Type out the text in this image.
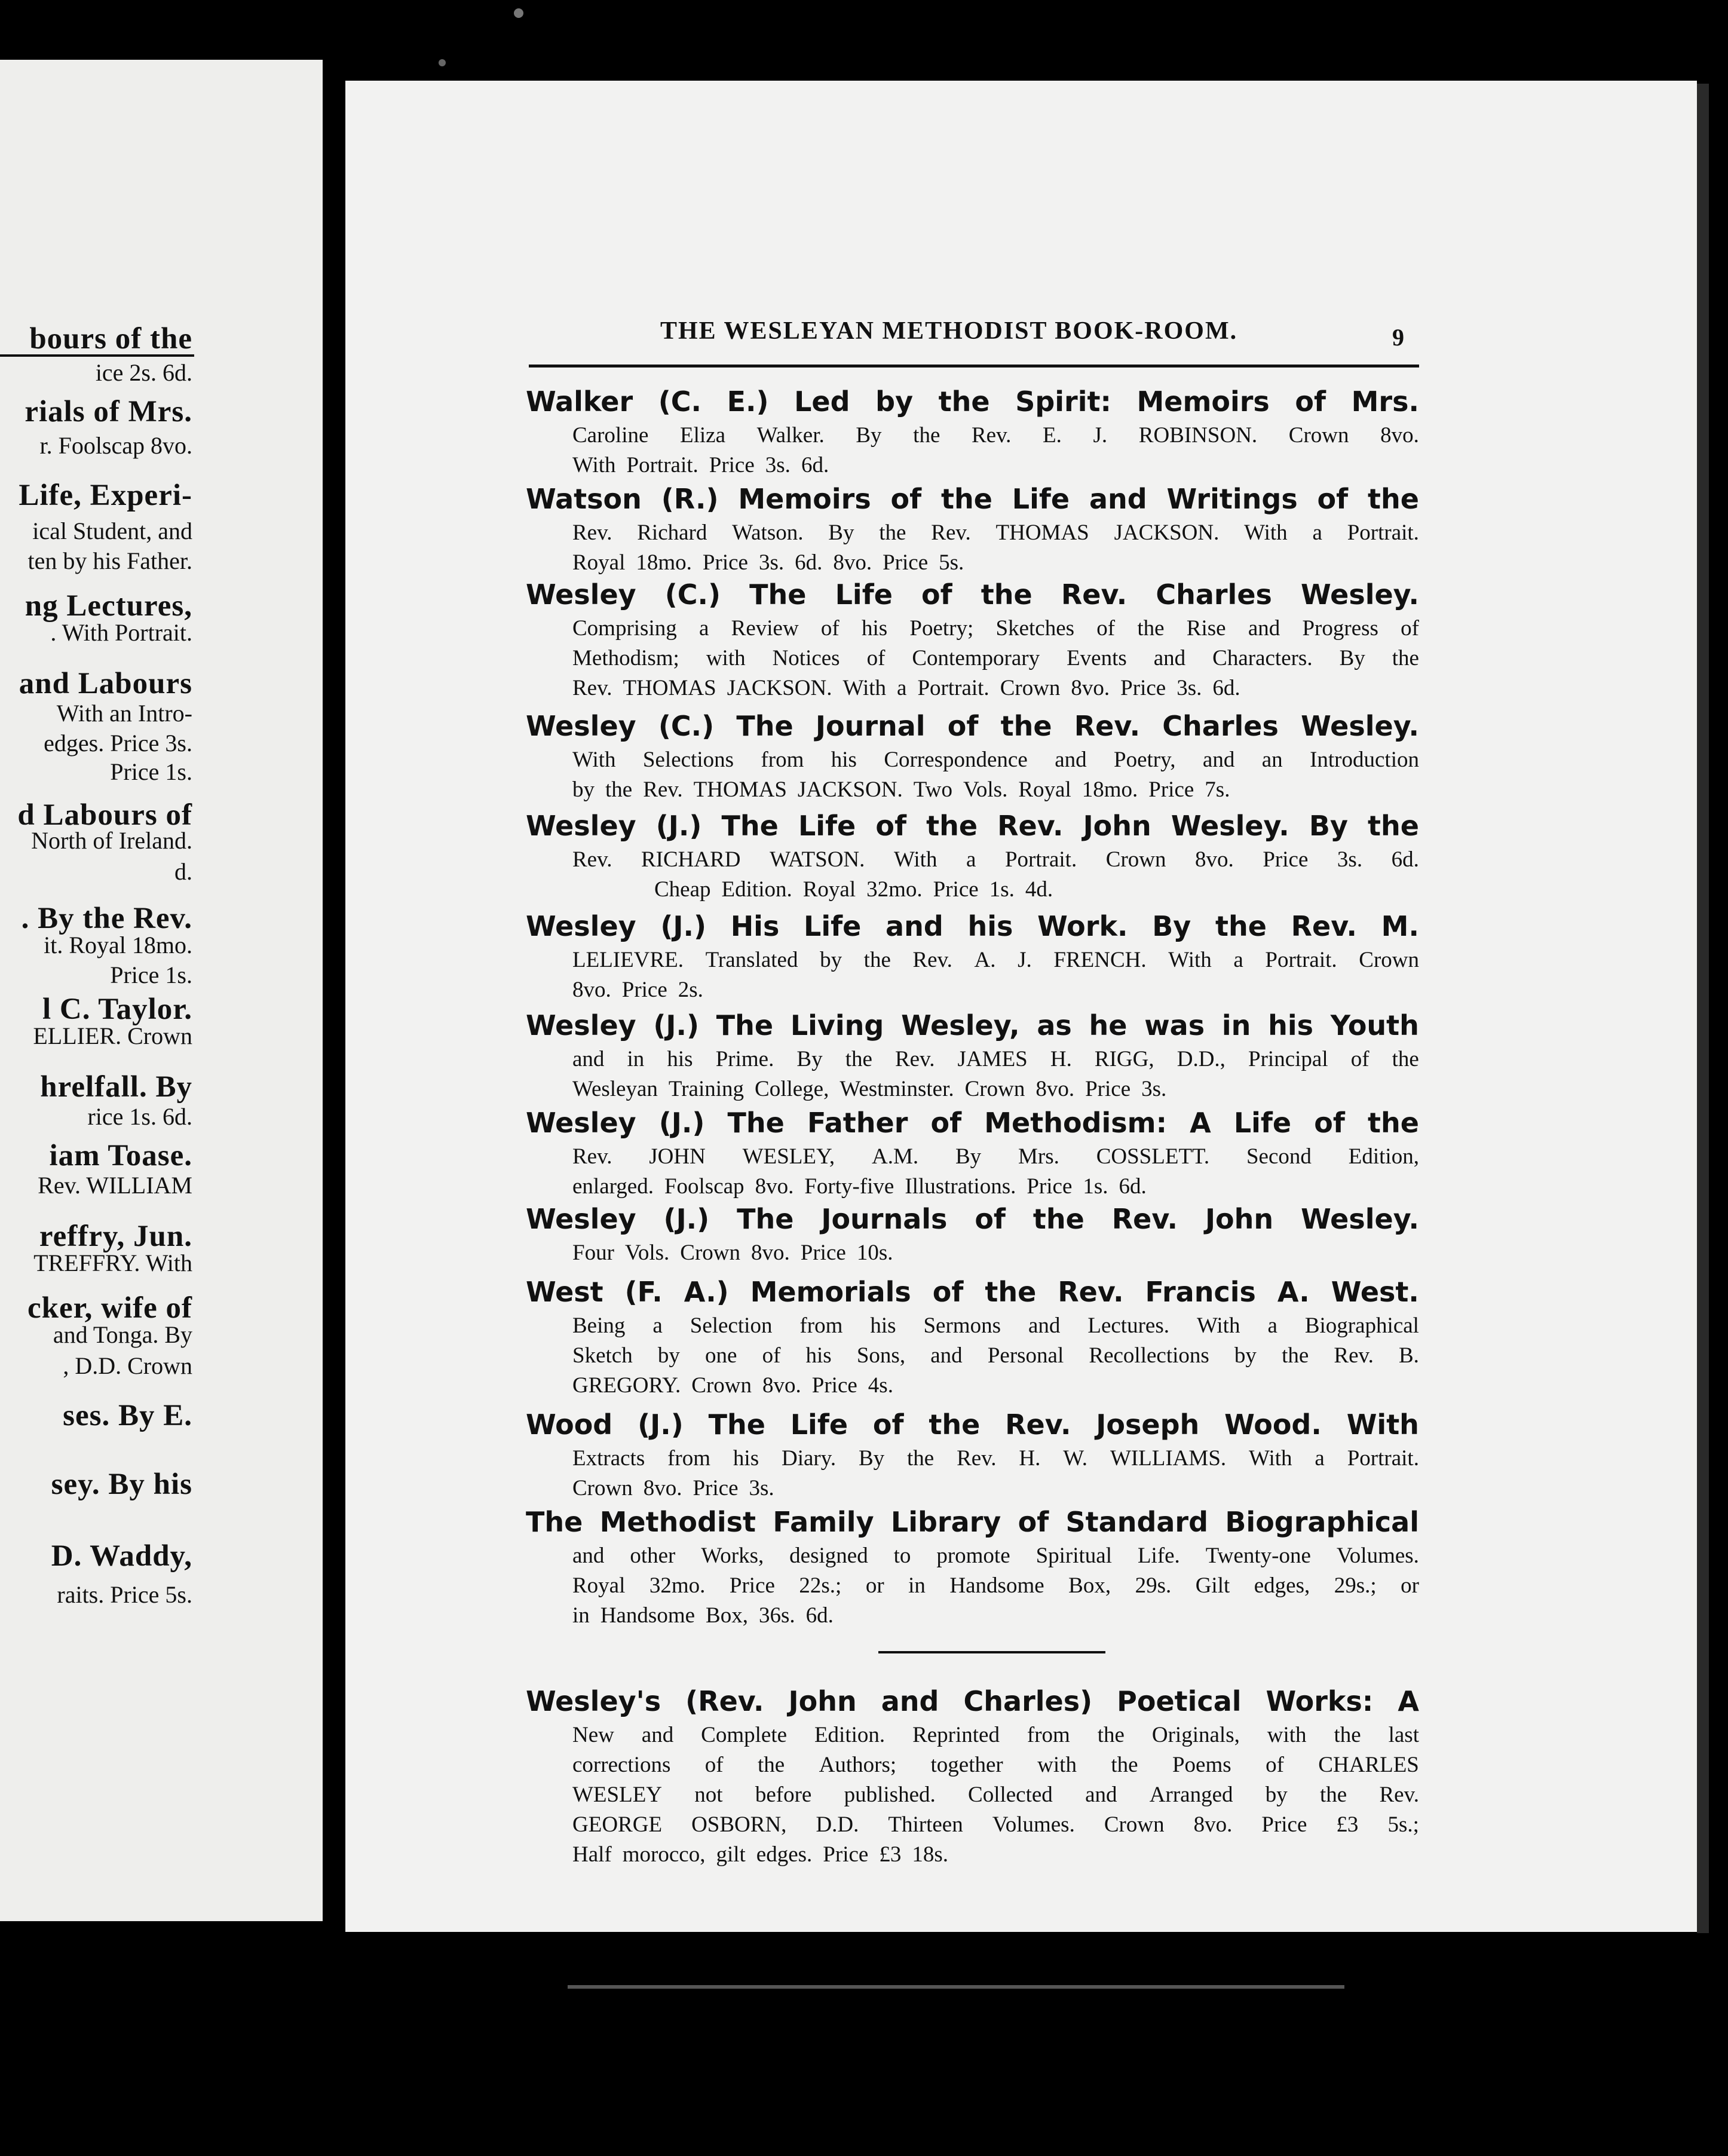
bours of the
ice 2s. 6d.
rials of Mrs.
r. Foolscap 8vo.
Life, Experi-
ical Student, and
ten by his Father.
ng Lectures,
. With Portrait.
and Labours
With an Intro-
edges. Price 3s.
Price 1s.
d Labours of
North of Ireland.
d.
. By the Rev.
it. Royal 18mo.
Price 1s.
l C. Taylor.
ELLIER. Crown
hrelfall. By
rice 1s. 6d.
iam Toase.
Rev. WILLIAM
reffry, Jun.
TREFFRY. With
cker, wife of
and Tonga. By
, D.D. Crown
ses. By E.
sey. By his
D. Waddy,
raits. Price 5s.
THE WESLEYAN METHODIST BOOK-ROOM.	9
Walker (C. E.) Led by the Spirit: Memoirs of Mrs.
Caroline Eliza Walker. By the Rev. E. J. ROBINSON. Crown 8vo.
With Portrait. Price 3s. 6d.
Watson (R.) Memoirs of the Life and Writings of the
Rev. Richard Watson. By the Rev. THOMAS JACKSON. With a Portrait.
Royal 18mo. Price 3s. 6d. 8vo. Price 5s.
Wesley (C.) The Life of the Rev. Charles Wesley.
Comprising a Review of his Poetry; Sketches of the Rise and Progress of
Methodism; with Notices of Contemporary Events and Characters. By the
Rev. THOMAS JACKSON. With a Portrait. Crown 8vo. Price 3s. 6d.
Wesley (C.) The Journal of the Rev. Charles Wesley.
With Selections from his Correspondence and Poetry, and an Introduction
by the Rev. THOMAS JACKSON. Two Vols. Royal 18mo. Price 7s.
Wesley (J.) The Life of the Rev. John Wesley. By the
Rev. RICHARD WATSON. With a Portrait. Crown 8vo. Price 3s. 6d.
Cheap Edition. Royal 32mo. Price 1s. 4d.
Wesley (J.) His Life and his Work. By the Rev. M.
LELIEVRE. Translated by the Rev. A. J. FRENCH. With a Portrait. Crown
8vo. Price 2s.
Wesley (J.) The Living Wesley, as he was in his Youth
and in his Prime. By the Rev. JAMES H. RIGG, D.D., Principal of the
Wesleyan Training College, Westminster. Crown 8vo. Price 3s.
Wesley (J.) The Father of Methodism: A Life of the
Rev. JOHN WESLEY, A.M. By Mrs. COSSLETT. Second Edition,
enlarged. Foolscap 8vo. Forty-five Illustrations. Price 1s. 6d.
Wesley (J.) The Journals of the Rev. John Wesley.
Four Vols. Crown 8vo. Price 10s.
West (F. A.) Memorials of the Rev. Francis A. West.
Being a Selection from his Sermons and Lectures. With a Biographical
Sketch by one of his Sons, and Personal Recollections by the Rev. B.
GREGORY. Crown 8vo. Price 4s.
Wood (J.) The Life of the Rev. Joseph Wood. With
Extracts from his Diary. By the Rev. H. W. WILLIAMS. With a Portrait.
Crown 8vo. Price 3s.
The Methodist Family Library of Standard Biographical
and other Works, designed to promote Spiritual Life. Twenty-one Volumes.
Royal 32mo. Price 22s.; or in Handsome Box, 29s. Gilt edges, 29s.; or
in Handsome Box, 36s. 6d.
Wesley's (Rev. John and Charles) Poetical Works: A
New and Complete Edition. Reprinted from the Originals, with the last
corrections of the Authors; together with the Poems of CHARLES
WESLEY not before published. Collected and Arranged by the Rev.
GEORGE OSBORN, D.D. Thirteen Volumes. Crown 8vo. Price £3 5s.;
Half morocco, gilt edges. Price £3 18s.
